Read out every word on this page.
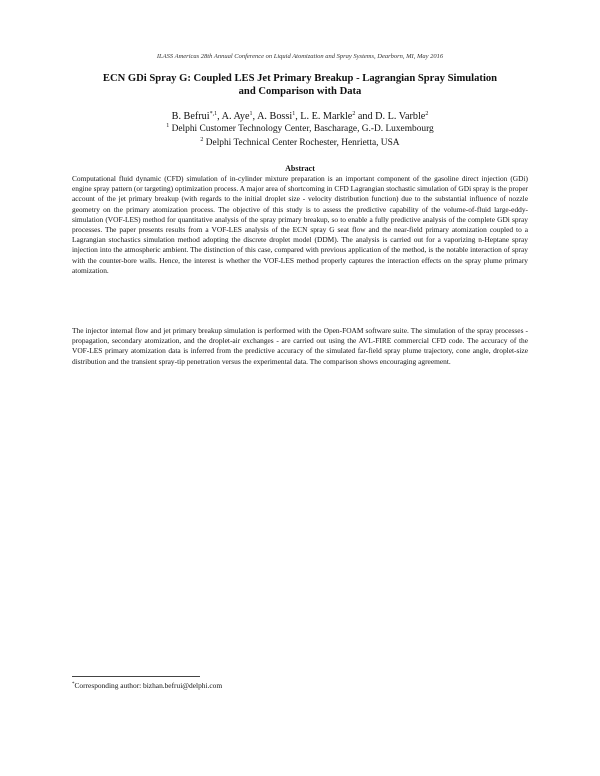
ILASS Americas 28th Annual Conference on Liquid Atomization and Spray Systems, Dearborn, MI, May 2016
ECN GDi Spray G: Coupled LES Jet Primary Breakup - Lagrangian Spray Simulation
and Comparison with Data
B. Befrui$^{*,1}$, A. Aye$^1$, A. Bossi$^1$, L. E. Markle$^2$ and D. L. Varble$^2$
$^1$ Delphi Customer Technology Center, Bascharage, G.-D. Luxembourg
$^2$ Delphi Technical Center Rochester, Henrietta, USA
Abstract

Computational fluid dynamic (CFD) simulation of in-cylinder mixture preparation is an important component of the gasoline direct injection (GDi) engine spray pattern (or targeting) optimization process. A major area of shortcoming in CFD Lagrangian stochastic simulation of GDi spray is the proper account of the jet primary breakup (with regards to the initial droplet size - velocity distribution function) due to the substantial influence of nozzle geometry on the primary atomization process. The objective of this study is to assess the predictive capability of the volume-of-fluid large-eddy-simulation (VOF-LES) method for quantitative analysis of the spray primary breakup, so to enable a fully predictive analysis of the complete GDi spray processes. The paper presents results from a VOF-LES analysis of the ECN spray G seat flow and the near-field primary atomization coupled to a Lagrangian stochastics simulation method adopting the discrete droplet model (DDM). The analysis is carried out for a vaporizing n-Heptane spray injection into the atmospheric ambient. The distinction of this case, compared with previous application of the method, is the notable interaction of spray with the counter-bore walls. Hence, the interest is whether the VOF-LES method properly captures the interaction effects on the spray plume primary atomization.

The injector internal flow and jet primary breakup simulation is performed with the Open-FOAM software suite. The simulation of the spray processes - propagation, secondary atomization, and the droplet-air exchanges - are carried out using the AVL-FIRE commercial CFD code. The accuracy of the VOF-LES primary atomization data is inferred from the predictive accuracy of the simulated far-field spray plume trajectory, cone angle, droplet-size distribution and the transient spray-tip penetration versus the experimental data. The comparison shows encouraging agreement.

*Corresponding author: bizhan.befrui@delphi.com
